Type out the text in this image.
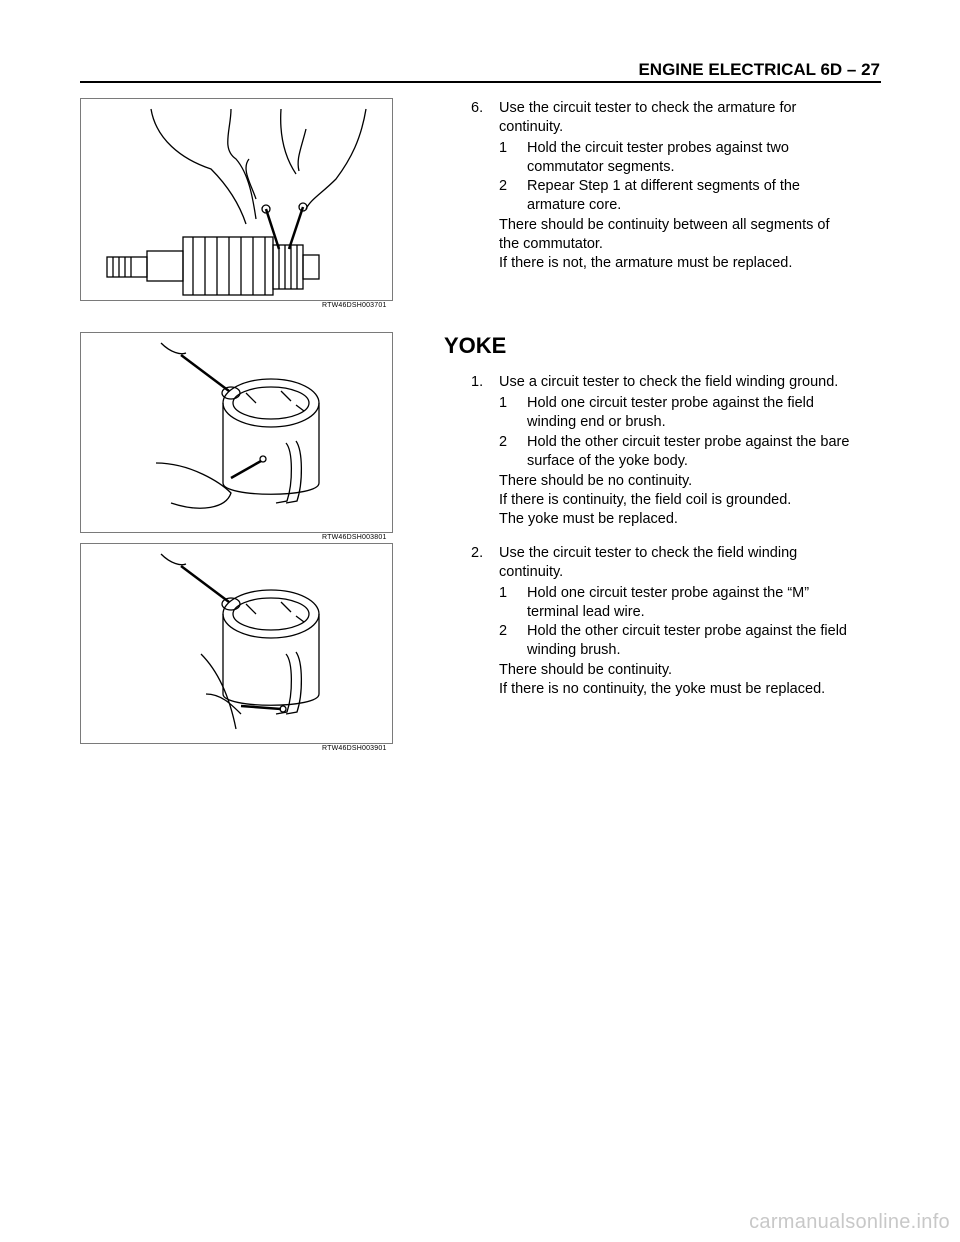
ENGINE ELECTRICAL 6D – 27
RTW46DSH003701
6. Use the circuit tester to check the armature for
continuity.
1 Hold the circuit tester probes against two
commutator segments.
2 Repear Step 1 at different segments of the
armature core.
There should be continuity between all segments of
the commutator.
If there is not, the armature must be replaced.
RTW46DSH003801
YOKE
1. Use a circuit tester to check the field winding ground.
1 Hold one circuit tester probe against the field
winding end or brush.
2 Hold the other circuit tester probe against the bare
surface of the yoke body.
There should be no continuity.
If there is continuity, the field coil is grounded.
The yoke must be replaced.
RTW46DSH003901
2. Use the circuit tester to check the field winding
continuity.
1 Hold one circuit tester probe against the “M”
terminal lead wire.
2 Hold the other circuit tester probe against the field
winding brush.
There should be continuity.
If there is no continuity, the yoke must be replaced.
carmanualsonline.info
